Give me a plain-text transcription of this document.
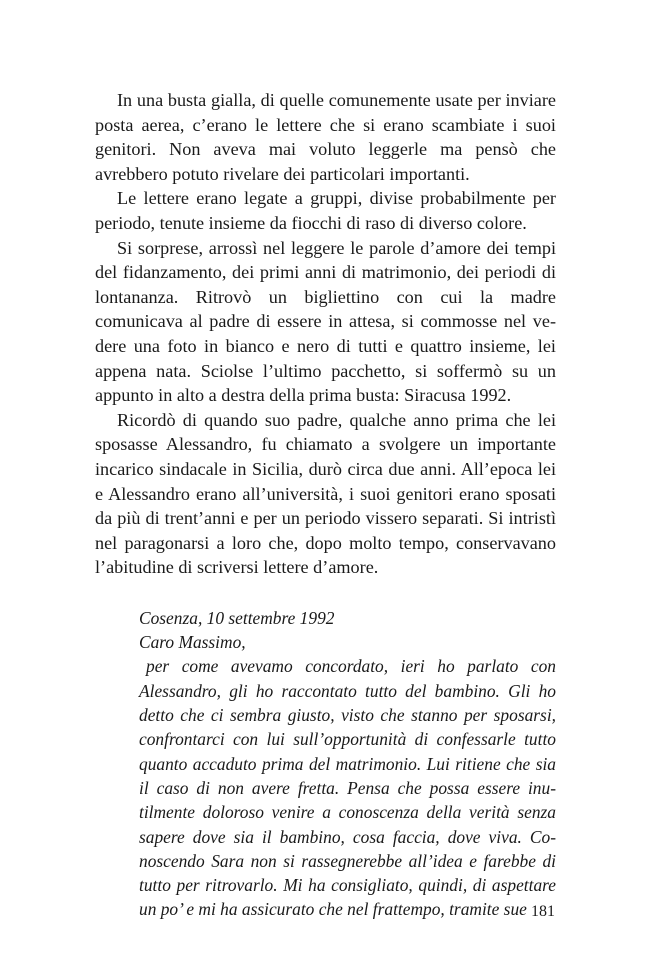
In una busta gialla, di quelle comunemente usate per inviare posta aerea, c’erano le lettere che si erano scambiate i suoi genitori. Non aveva mai voluto leggerle ma pensò che avrebbero potuto rivelare dei particolari importanti.

Le lettere erano legate a gruppi, divise probabilmente per periodo, tenute insieme da fiocchi di raso di diverso colore.

Si sorprese, arrossì nel leggere le parole d’amore dei tempi del fidanzamento, dei primi anni di matrimonio, dei periodi di lontananza. Ritrovò un bigliettino con cui la madre comunicava al padre di essere in attesa, si commosse nel vedere una foto in bianco e nero di tutti e quattro insieme, lei appena nata. Sciolse l’ultimo pacchetto, si soffermò su un appunto in alto a destra della prima busta: Siracusa 1992.

Ricordò di quando suo padre, qualche anno prima che lei sposasse Alessandro, fu chiamato a svolgere un importante incarico sindacale in Sicilia, durò circa due anni. All’epoca lei e Alessandro erano all’università, i suoi genitori erano sposati da più di trent’anni e per un periodo vissero separati. Si intristì nel paragonarsi a loro che, dopo molto tempo, conservavano l’abitudine di scriversi lettere d’amore.

Cosenza, 10 settembre 1992
Caro Massimo,

per come avevamo concordato, ieri ho parlato con Alessandro, gli ho raccontato tutto del bambino. Gli ho detto che ci sembra giusto, visto che stanno per sposarsi, confrontarci con lui sull’opportunità di confessarle tutto quanto accaduto prima del matrimonio. Lui ritiene che sia il caso di non avere fretta. Pensa che possa essere inutilmente doloroso venire a conoscenza della verità senza sapere dove sia il bambino, cosa faccia, dove viva. Conoscendo Sara non si rassegnerebbe all’idea e farebbe di tutto per ritrovarlo. Mi ha consigliato, quindi, di aspettare un po’ e mi ha assicurato che nel frattempo, tramite sue 181
